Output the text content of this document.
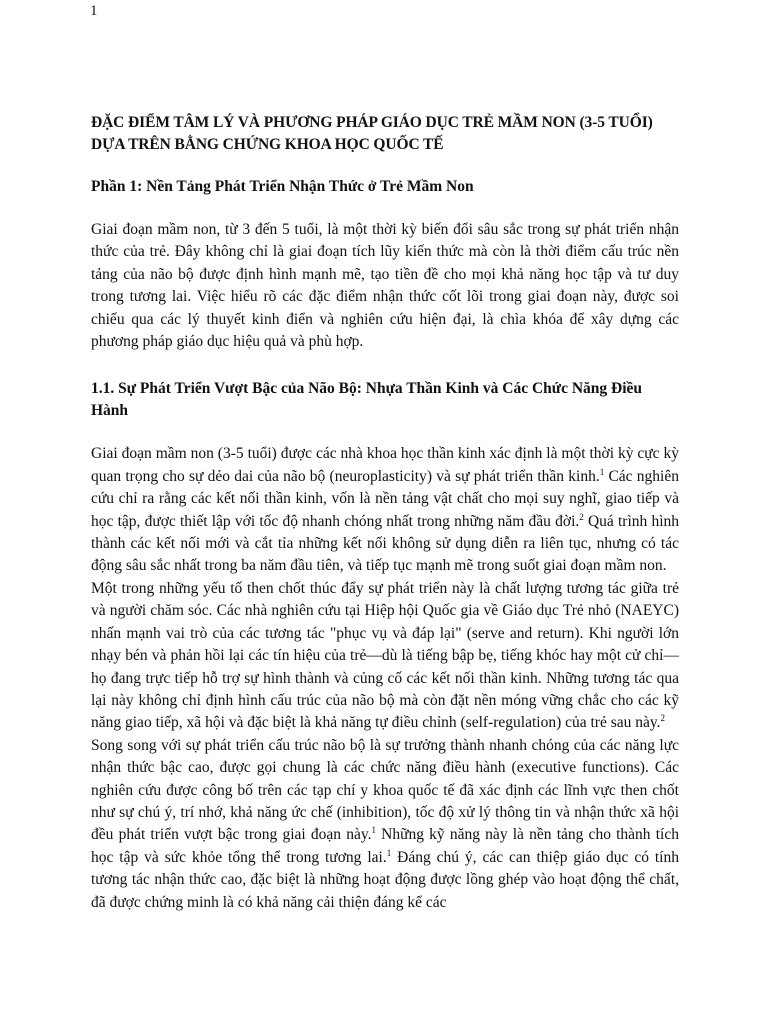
1
ĐẶC ĐIỂM TÂM LÝ VÀ PHƯƠNG PHÁP GIÁO DỤC TRẺ MẦM NON (3-5 TUỔI) DỰA TRÊN BẰNG CHỨNG KHOA HỌC QUỐC TẾ
Phần 1: Nền Tảng Phát Triển Nhận Thức ở Trẻ Mầm Non

Giai đoạn mầm non, từ 3 đến 5 tuổi, là một thời kỳ biến đổi sâu sắc trong sự phát triển nhận thức của trẻ. Đây không chỉ là giai đoạn tích lũy kiến thức mà còn là thời điểm cấu trúc nền tảng của não bộ được định hình mạnh mẽ, tạo tiền đề cho mọi khả năng học tập và tư duy trong tương lai. Việc hiểu rõ các đặc điểm nhận thức cốt lõi trong giai đoạn này, được soi chiếu qua các lý thuyết kinh điển và nghiên cứu hiện đại, là chìa khóa để xây dựng các phương pháp giáo dục hiệu quả và phù hợp.

1.1. Sự Phát Triển Vượt Bậc của Não Bộ: Nhựa Thần Kinh và Các Chức Năng Điều Hành

Giai đoạn mầm non (3-5 tuổi) được các nhà khoa học thần kinh xác định là một thời kỳ cực kỳ quan trọng cho sự dẻo dai của não bộ (neuroplasticity) và sự phát triển thần kinh.$^1$ Các nghiên cứu chỉ ra rằng các kết nối thần kinh, vốn là nền tảng vật chất cho mọi suy nghĩ, giao tiếp và học tập, được thiết lập với tốc độ nhanh chóng nhất trong những năm đầu đời.$^2$ Quá trình hình thành các kết nối mới và cắt tỉa những kết nối không sử dụng diễn ra liên tục, nhưng có tác động sâu sắc nhất trong ba năm đầu tiên, và tiếp tục mạnh mẽ trong suốt giai đoạn mầm non.

Một trong những yếu tố then chốt thúc đẩy sự phát triển này là chất lượng tương tác giữa trẻ và người chăm sóc. Các nhà nghiên cứu tại Hiệp hội Quốc gia về Giáo dục Trẻ nhỏ (NAEYC) nhấn mạnh vai trò của các tương tác "phục vụ và đáp lại" (serve and return). Khi người lớn nhạy bén và phản hồi lại các tín hiệu của trẻ—dù là tiếng bập bẹ, tiếng khóc hay một cử chỉ—họ đang trực tiếp hỗ trợ sự hình thành và củng cố các kết nối thần kinh. Những tương tác qua lại này không chỉ định hình cấu trúc của não bộ mà còn đặt nền móng vững chắc cho các kỹ năng giao tiếp, xã hội và đặc biệt là khả năng tự điều chỉnh (self-regulation) của trẻ sau này.$^2$

Song song với sự phát triển cấu trúc não bộ là sự trưởng thành nhanh chóng của các năng lực nhận thức bậc cao, được gọi chung là các chức năng điều hành (executive functions). Các nghiên cứu được công bố trên các tạp chí y khoa quốc tế đã xác định các lĩnh vực then chốt như sự chú ý, trí nhớ, khả năng ức chế (inhibition), tốc độ xử lý thông tin và nhận thức xã hội đều phát triển vượt bậc trong giai đoạn này.$^1$ Những kỹ năng này là nền tảng cho thành tích học tập và sức khỏe tổng thể trong tương lai.$^1$ Đáng chú ý, các can thiệp giáo dục có tính tương tác nhận thức cao, đặc biệt là những hoạt động được lồng ghép vào hoạt động thể chất, đã được chứng minh là có khả năng cải thiện đáng kể các
